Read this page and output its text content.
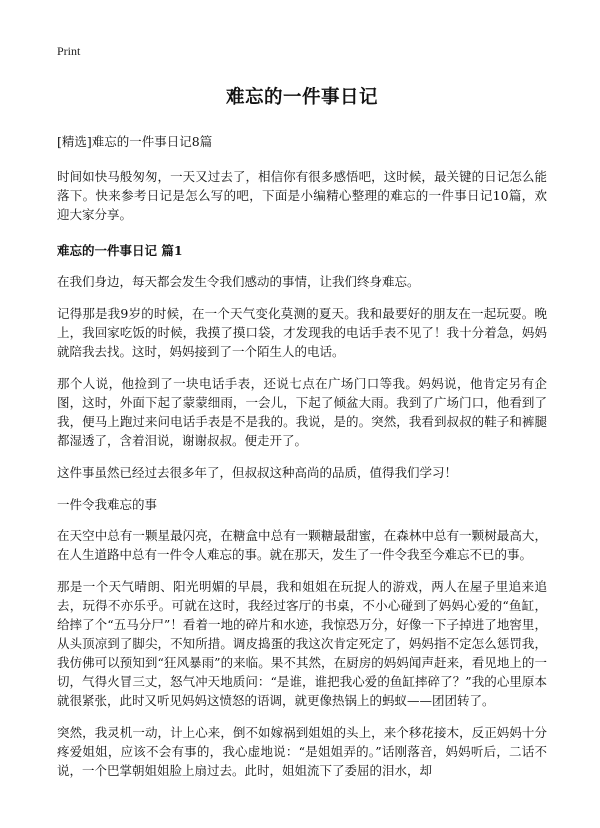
Print
难忘的一件事日记
[精选]难忘的一件事日记8篇

时间如快马般匆匆，一天又过去了，相信你有很多感悟吧，这时候，最关键的日记怎么能落下。快来参考日记是怎么写的吧，下面是小编精心整理的难忘的一件事日记10篇，欢迎大家分享。

难忘的一件事日记 篇1

在我们身边，每天都会发生令我们感动的事情，让我们终身难忘。

记得那是我9岁的时候，在一个天气变化莫测的夏天。我和最要好的朋友在一起玩耍。晚上，我回家吃饭的时候，我摸了摸口袋，才发现我的电话手表不见了！我十分着急，妈妈就陪我去找。这时，妈妈接到了一个陌生人的电话。

那个人说，他捡到了一块电话手表，还说七点在广场门口等我。妈妈说，他肯定另有企图，这时，外面下起了蒙蒙细雨，一会儿，下起了倾盆大雨。我到了广场门口，他看到了我，便马上跑过来问电话手表是不是我的。我说，是的。突然，我看到叔叔的鞋子和裤腿都湿透了，含着泪说，谢谢叔叔。便走开了。

这件事虽然已经过去很多年了，但叔叔这种高尚的品质，值得我们学习！

一件令我难忘的事

在天空中总有一颗星最闪亮，在糖盒中总有一颗糖最甜蜜，在森林中总有一颗树最高大，在人生道路中总有一件令人难忘的事。就在那天，发生了一件令我至今难忘不已的事。

那是一个天气晴朗、阳光明媚的早晨，我和姐姐在玩捉人的游戏，两人在屋子里追来追去，玩得不亦乐乎。可就在这时，我经过客厅的书桌，不小心碰到了妈妈心爱的“鱼缸，给摔了个“五马分尸”！看着一地的碎片和水迹，我惊恐万分，好像一下子掉进了地窖里，从头顶凉到了脚尖，不知所措。调皮捣蛋的我这次肯定死定了，妈妈指不定怎么惩罚我，我仿佛可以预知到“狂风暴雨”的来临。果不其然，在厨房的妈妈闻声赶来，看见地上的一切，气得火冒三丈，怒气冲天地质问：“是谁，谁把我心爱的鱼缸摔碎了？”我的心里原本就很紧张，此时又听见妈妈这愤怒的语调，就更像热锅上的蚂蚁——团团转了。

突然，我灵机一动，计上心来，倒不如嫁祸到姐姐的头上，来个移花接木，反正妈妈十分疼爱姐姐，应该不会有事的，我心虚地说：“是姐姐弄的。”话刚落音，妈妈听后，二话不说，一个巴掌朝姐姐脸上扇过去。此时，姐姐流下了委屈的泪水，却
